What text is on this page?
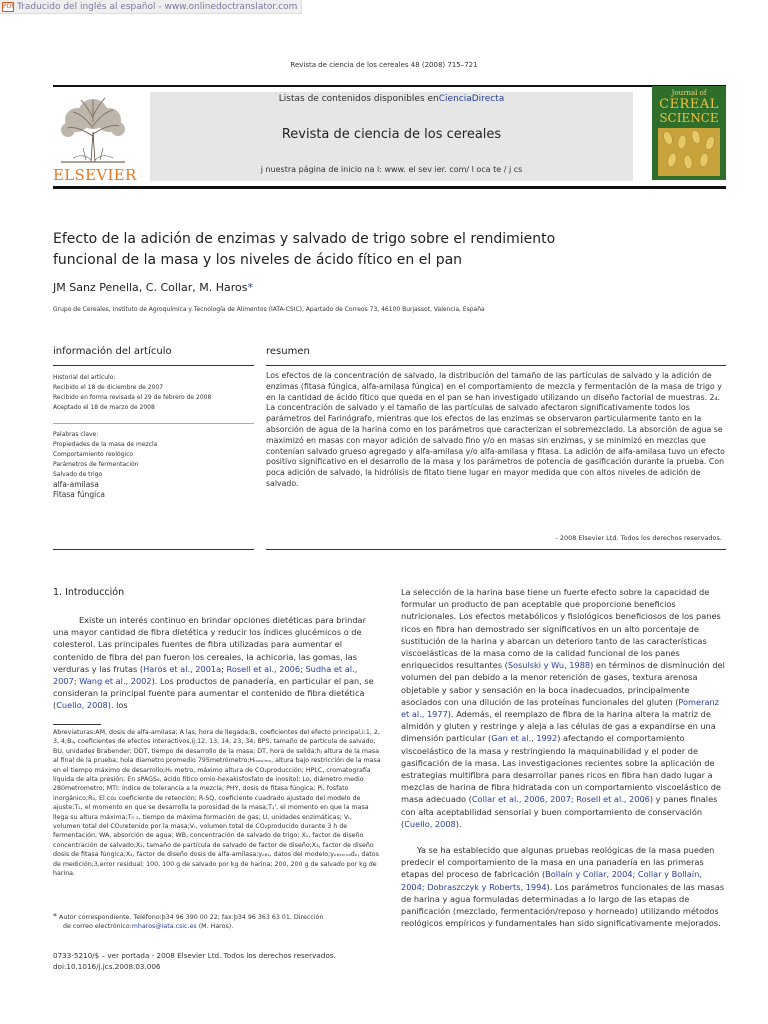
PDF Traducido del inglés al español - www.onlinedoctranslator.com
Revista de ciencia de los cereales 48 (2008) 715–721
ELSEVIER
Listas de contenidos disponibles enCienciaDirecta
Revista de ciencia de los cereales
j nuestra página de inicio na l: www. el sev ier. com/ l oca te / j cs
Journal of
CEREAL
SCIENCE
Efecto de la adición de enzimas y salvado de trigo sobre el rendimiento
funcional de la masa y los niveles de ácido fítico en el pan
JM Sanz Penella, C. Collar, M. Haros*
Grupo de Cereales, Instituto de Agroquímica y Tecnología de Alimentos (IATA-CSIC), Apartado de Correos 73, 46100 Burjassot, Valencia, España
información del artículo	resumen
Historial del artículo:
Recibido el 18 de diciembre de 2007
Recibido en forma revisada el 29 de febrero de 2008
Aceptado el 18 de marzo de 2008
Palabras clave:
Propiedades de la masa de mezcla
Comportamiento reológico
Parámetros de fermentación
Salvado de trigo
alfa-amilasa
Fitasa fúngica
Los efectos de la concentración de salvado, la distribución del tamaño de las partículas de salvado y la adición de enzimas (fitasa fúngica, alfa-amilasa fúngica) en el comportamiento de mezcla y fermentación de la masa de trigo y en la cantidad de ácido fítico que queda en el pan se han investigado utilizando un diseño factorial de muestras. 2₄. La concentración de salvado y el tamaño de las partículas de salvado afectaron significativamente todos los parámetros del Farinógrafo, mientras que los efectos de las enzimas se observaron particularmente tanto en la absorción de agua de la harina como en los parámetros que caracterizan el sobremezclado. La absorción de agua se maximizó en masas con mayor adición de salvado fino y/o en masas sin enzimas, y se minimizó en mezclas que contenían salvado grueso agregado y alfa-amilasa y/o alfa-amilasa y fitasa. La adición de alfa-amilasa tuvo un efecto positivo significativo en el desarrollo de la masa y los parámetros de potencia de gasificación durante la prueba. Con poca adición de salvado, la hidrólisis de fitato tiene lugar en mayor medida que con altos niveles de adición de salvado.
- 2008 Elsevier Ltd. Todos los derechos reservados.
1. Introducción
Existe un interés continuo en brindar opciones dietéticas para brindar una mayor cantidad de fibra dietética y reducir los índices glucémicos o de colesterol. Las principales fuentes de fibra utilizadas para aumentar el contenido de fibra del pan fueron los cereales, la achicoria, las gomas, las verduras y las frutas (Haros et al., 2001a; Rosell et al., 2006; Sudha et al., 2007; Wang et al., 2002). Los productos de panadería, en particular el pan, se consideran la principal fuente para aumentar el contenido de fibra dietética (Cuello, 2008). los
Abreviaturas:AM, dosis de alfa-amilasa; A las, hora de llegada;Bᵢ, coeficientes del efecto principal,i:1, 2, 3, 4;Bᵢⱼ, coeficientes de efectos interactivos,ij:12, 13, 14, 23, 34; BPS, tamaño de partícula de salvado; BU, unidades Brabender; DDT, tiempo de desarrollo de la masa; DT, hora de salida;hⱼ altura de la masa al final de la prueba; hola diametro promedio 795metrómetro;Hₘₐₓᵢₘₒ, altura bajo restricción de la masa en el tiempo máximo de desarrollo;H₀ metro, máximo altura de CO₂producción; HPLC, cromatografía líquida de alta presión; En sPAGS₆, ácido fítico omio-hexakisfosfato de inositol; Lo, diámetro medio 280metrometro; MTI: índice de tolerancia a la mezcla; PHY, dosis de fitasa fúngica; Pi, fosfato inorgánico;R₂, El co₂ coeficiente de retención; R-SQ, coeficiente cuadrado ajustado del modelo de ajuste;T₁, el momento en que se desarrolla la porosidad de la masa;T₁', el momento en que la masa llega su altura máxima;T₀ ₁, tiempo de máxima formación de gas; U, unidades enzimáticas; Vₜ, volumen total del CO₂retenido por la masa;Vᵣ, volumen total de CO₂producido durante 3 h de fermentación; WA, absorción de agua; WB, concentración de salvado de trigo; X₁, factor de diseño concentración de salvado;X₂, tamaño de partícula de salvado de factor de diseño;X₃, factor de diseño dosis de fitasa fúngica;X₄, factor de diseño dosis de alfa-amilasa;yₒᵦₛ, datos del modelo;yₒᵦₛₑᵣᵥₐdₒ, datos de medición;3,error residual; 100, 100 g de salvado por kg de harina; 200, 200 g de salvado por kg de harina.
* Autor correspondiente. Teléfono:þ34 96 390 00 22; fax:þ34 96 363 63 01. Dirección
de correo electrónico:mharos@iata.csic.es (M. Haros).
0733-5210/$ – ver portada - 2008 Elsevier Ltd. Todos los derechos reservados.
doi:10.1016/j.jcs.2008.03.006
La selección de la harina base tiene un fuerte efecto sobre la capacidad de formular un producto de pan aceptable que proporcione beneficios nutricionales. Los efectos metabólicos y fisiológicos beneficiosos de los panes ricos en fibra han demostrado ser significativos en un alto porcentaje de sustitución de la harina y abarcan un deterioro tanto de las características viscoelásticas de la masa como de la calidad funcional de los panes enriquecidos resultantes (Sosulski y Wu, 1988) en términos de disminución del volumen del pan debido a la menor retención de gases, textura arenosa objetable y sabor y sensación en la boca inadecuados, principalmente asociados con una dilución de las proteínas funcionales del gluten (Pomeranz et al., 1977). Además, el reemplazo de fibra de la harina altera la matriz de almidón y gluten y restringe y aleja a las células de gas a expandirse en una dimensión particular (Gan et al., 1992) afectando el comportamiento viscoelástico de la masa y restringiendo la maquinabilidad y el poder de gasificación de la masa. Las investigaciones recientes sobre la aplicación de estrategias multifibra para desarrollar panes ricos en fibra han dado lugar a mezclas de harina de fibra hidratada con un comportamiento viscoelástico de masa adecuado (Collar et al., 2006, 2007; Rosell et al., 2006) y panes finales con alta aceptabilidad sensorial y buen comportamiento de conservación (Cuello, 2008).
Ya se ha establecido que algunas pruebas reológicas de la masa pueden predecir el comportamiento de la masa en una panadería en las primeras etapas del proceso de fabricación (Bollaín y Collar, 2004; Collar y Bollaín, 2004; Dobraszczyk y Roberts, 1994). Los parámetros funcionales de las masas de harina y agua formuladas determinadas a lo largo de las etapas de panificación (mezclado, fermentación/reposo y horneado) utilizando métodos reológicos empíricos y fundamentales han sido significativamente mejorados.
